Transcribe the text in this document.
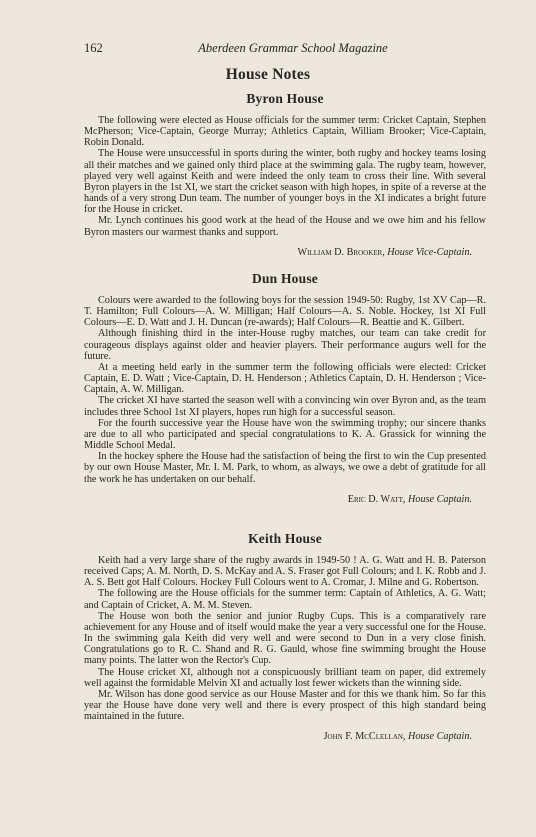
162	Aberdeen Grammar School Magazine
House Notes
Byron House

The following were elected as House officials for the summer term: Cricket Captain, Stephen McPherson; Vice-Captain, George Murray; Athletics Captain, William Brooker; Vice-Captain, Robin Donald.

The House were unsuccessful in sports during the winter, both rugby and hockey teams losing all their matches and we gained only third place at the swimming gala. The rugby team, however, played very well against Keith and were indeed the only team to cross their line. With several Byron players in the 1st XI, we start the cricket season with high hopes, in spite of a reverse at the hands of a very strong Dun team. The number of younger boys in the XI indicates a bright future for the House in cricket.

Mr. Lynch continues his good work at the head of the House and we owe him and his fellow Byron masters our warmest thanks and support.

William D. Brooker, House Vice-Captain.
Dun House

Colours were awarded to the following boys for the session 1949-50: Rugby, 1st XV Cap—R. T. Hamilton; Full Colours—A. W. Milligan; Half Colours—A. S. Noble. Hockey, 1st XI Full Colours—E. D. Watt and J. H. Duncan (re-awards); Half Colours—R. Beattie and K. Gilbert.

Although finishing third in the inter-House rugby matches, our team can take credit for courageous displays against older and heavier players. Their performance augurs well for the future.

At a meeting held early in the summer term the following officials were elected: Cricket Captain, E. D. Watt ; Vice-Captain, D. H. Henderson ; Athletics Captain, D. H. Henderson ; Vice-Captain, A. W. Milligan.

The cricket XI have started the season well with a convincing win over Byron and, as the team includes three School 1st XI players, hopes run high for a successful season.

For the fourth successive year the House have won the swimming trophy; our sincere thanks are due to all who participated and special congratulations to K. A. Grassick for winning the Middle School Medal.

In the hockey sphere the House had the satisfaction of being the first to win the Cup presented by our own House Master, Mr. I. M. Park, to whom, as always, we owe a debt of gratitude for all the work he has undertaken on our behalf.

Eric D. Watt, House Captain.
Keith House

Keith had a very large share of the rugby awards in 1949-50 ! A. G. Watt and H. B. Paterson received Caps; A. M. North, D. S. McKay and A. S. Fraser got Full Colours; and I. K. Robb and J. A. S. Bett got Half Colours. Hockey Full Colours went to A. Cromar, J. Milne and G. Robertson.

The following are the House officials for the summer term: Captain of Athletics, A. G. Watt; and Captain of Cricket, A. M. M. Steven.

The House won both the senior and junior Rugby Cups. This is a comparatively rare achievement for any House and of itself would make the year a very successful one for the House. In the swimming gala Keith did very well and were second to Dun in a very close finish. Congratulations go to R. C. Shand and R. G. Gauld, whose fine swimming brought the House many points. The latter won the Rector's Cup.

The House cricket XI, although not a conspicuously brilliant team on paper, did extremely well against the formidable Melvin XI and actually lost fewer wickets than the winning side.

Mr. Wilson has done good service as our House Master and for this we thank him. So far this year the House have done very well and there is every prospect of this high standard being maintained in the future.

John F. McClellan, House Captain.
